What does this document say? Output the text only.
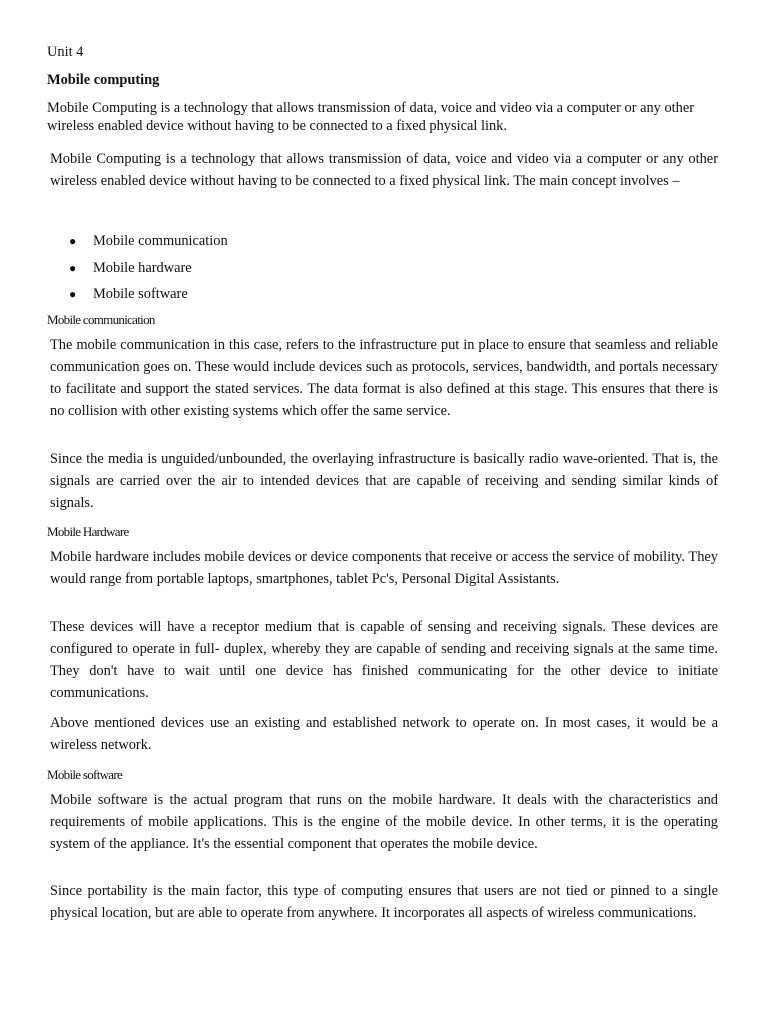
Unit 4

Mobile computing

Mobile Computing is a technology that allows transmission of data, voice and video via a computer or any other wireless enabled device without having to be connected to a fixed physical link.

Mobile Computing is a technology that allows transmission of data, voice and video via a computer or any other wireless enabled device without having to be connected to a fixed physical link. The main concept involves –

● Mobile communication
● Mobile hardware
● Mobile software

Mobile communication

The mobile communication in this case, refers to the infrastructure put in place to ensure that seamless and reliable communication goes on. These would include devices such as protocols, services, bandwidth, and portals necessary to facilitate and support the stated services. The data format is also defined at this stage. This ensures that there is no collision with other existing systems which offer the same service.

Since the media is unguided/unbounded, the overlaying infrastructure is basically radio wave-oriented. That is, the signals are carried over the air to intended devices that are capable of receiving and sending similar kinds of signals.

Mobile Hardware

Mobile hardware includes mobile devices or device components that receive or access the service of mobility. They would range from portable laptops, smartphones, tablet Pc's, Personal Digital Assistants.

These devices will have a receptor medium that is capable of sensing and receiving signals. These devices are configured to operate in full- duplex, whereby they are capable of sending and receiving signals at the same time. They don't have to wait until one device has finished communicating for the other device to initiate communications.

Above mentioned devices use an existing and established network to operate on. In most cases, it would be a wireless network.

Mobile software

Mobile software is the actual program that runs on the mobile hardware. It deals with the characteristics and requirements of mobile applications. This is the engine of the mobile device. In other terms, it is the operating system of the appliance. It's the essential component that operates the mobile device.

Since portability is the main factor, this type of computing ensures that users are not tied or pinned to a single physical location, but are able to operate from anywhere. It incorporates all aspects of wireless communications.
